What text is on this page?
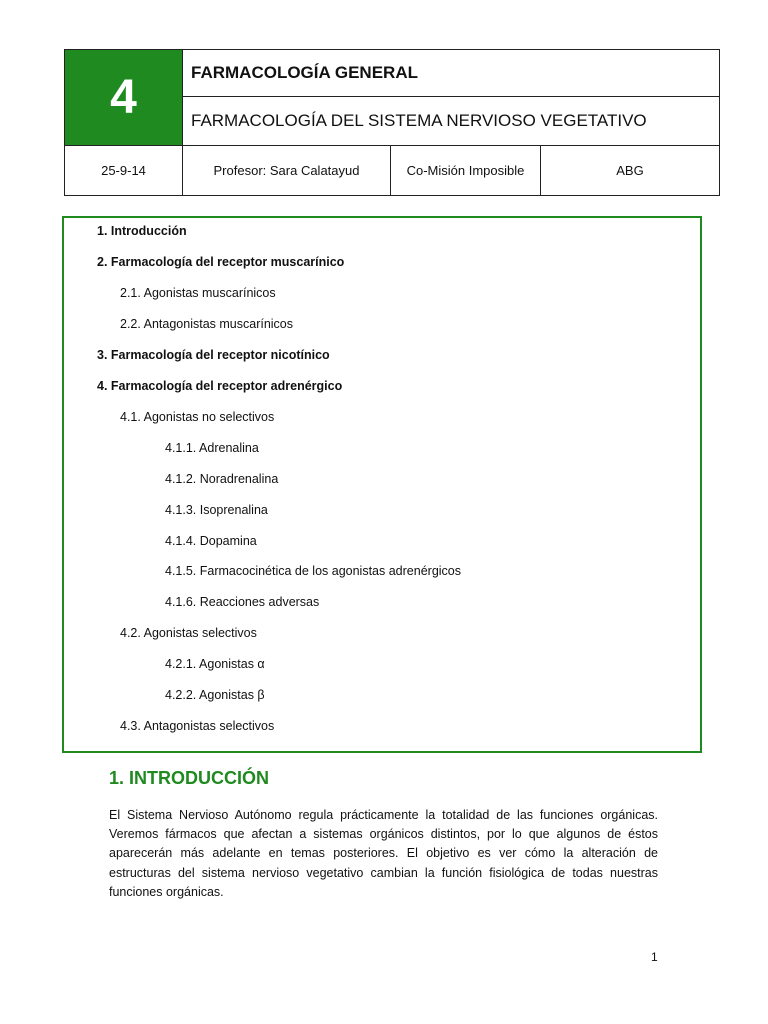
4	FARMACOLOGÍA GENERAL
FARMACOLOGÍA DEL SISTEMA NERVIOSO VEGETATIVO
25-9-14	Profesor: Sara Calatayud	Co-Misión Imposible	ABG
1. Introducción
2. Farmacología del receptor muscarínico
2.1. Agonistas muscarínicos
2.2. Antagonistas muscarínicos
3. Farmacología del receptor nicotínico
4. Farmacología del receptor adrenérgico
4.1. Agonistas no selectivos
4.1.1. Adrenalina
4.1.2. Noradrenalina
4.1.3. Isoprenalina
4.1.4. Dopamina
4.1.5. Farmacocinética de los agonistas adrenérgicos
4.1.6. Reacciones adversas
4.2. Agonistas selectivos
4.2.1. Agonistas α
4.2.2. Agonistas β
4.3. Antagonistas selectivos
1. INTRODUCCIÓN
El Sistema Nervioso Autónomo regula prácticamente la totalidad de las funciones orgánicas. Veremos fármacos que afectan a sistemas orgánicos distintos, por lo que algunos de éstos aparecerán más adelante en temas posteriores. El objetivo es ver cómo la alteración de estructuras del sistema nervioso vegetativo cambian la función fisiológica de todas nuestras funciones orgánicas.
1
